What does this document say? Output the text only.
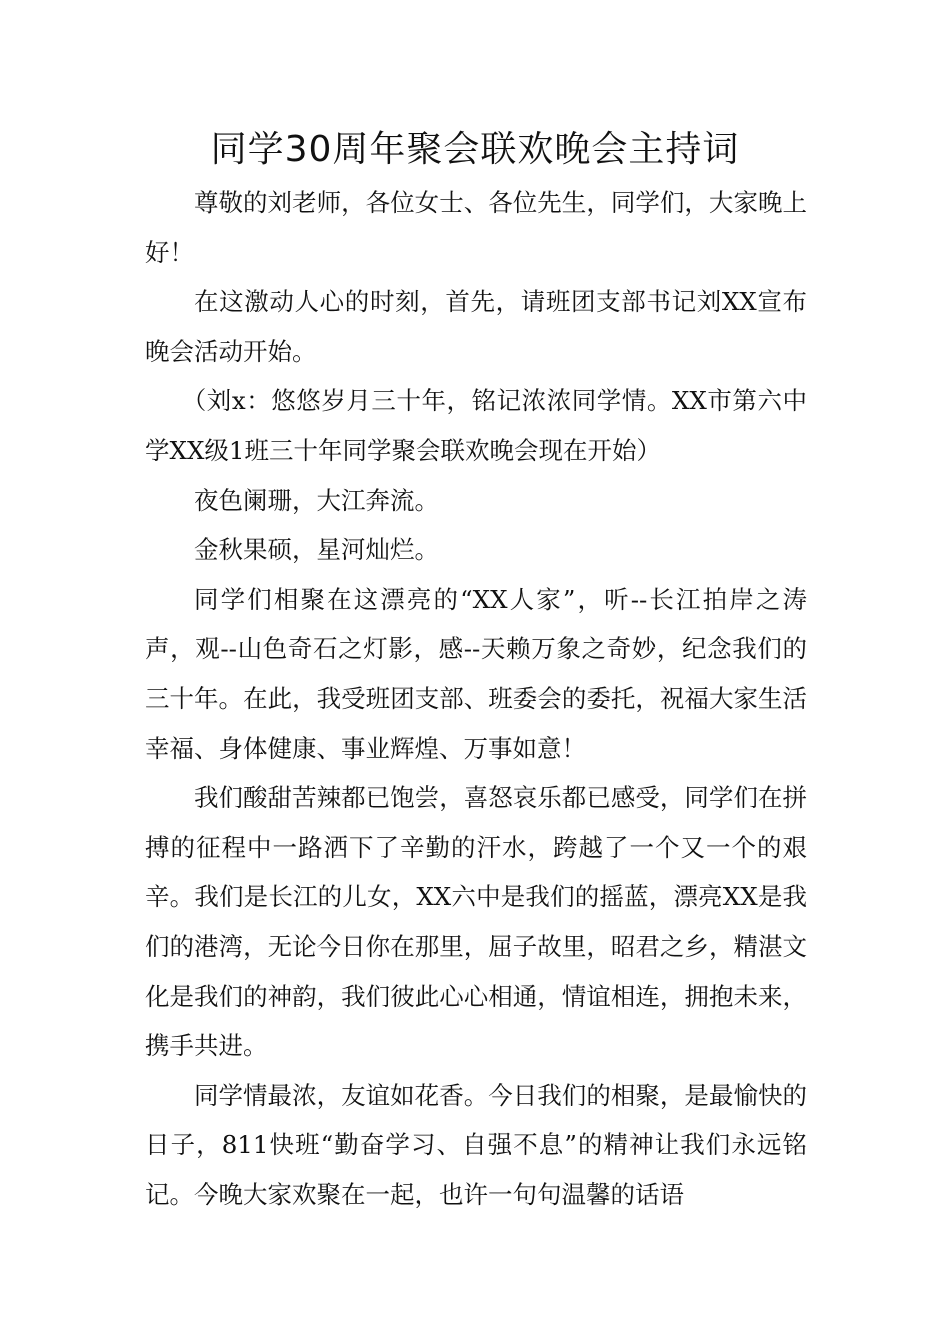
同学30周年聚会联欢晚会主持词

尊敬的刘老师，各位女士、各位先生，同学们，大家晚上好！

在这激动人心的时刻，首先，请班团支部书记刘XX宣布晚会活动开始。

（刘x：悠悠岁月三十年，铭记浓浓同学情。XX市第六中学XX级1班三十年同学聚会联欢晚会现在开始）

夜色阑珊，大江奔流。

金秋果硕，星河灿烂。

同学们相聚在这漂亮的“XX人家”，听--长江拍岸之涛声，观--山色奇石之灯影，感--天赖万象之奇妙，纪念我们的三十年。在此，我受班团支部、班委会的委托，祝福大家生活幸福、身体健康、事业辉煌、万事如意！

我们酸甜苦辣都已饱尝，喜怒哀乐都已感受，同学们在拼搏的征程中一路洒下了辛勤的汗水，跨越了一个又一个的艰辛。我们是长江的儿女，XX六中是我们的摇蓝，漂亮XX是我们的港湾，无论今日你在那里，屈子故里，昭君之乡，精湛文化是我们的神韵，我们彼此心心相通，情谊相连，拥抱未来，携手共进。

同学情最浓，友谊如花香。今日我们的相聚，是最愉快的日子，811快班“勤奋学习、自强不息”的精神让我们永远铭记。今晚大家欢聚在一起，也许一句句温馨的话语
